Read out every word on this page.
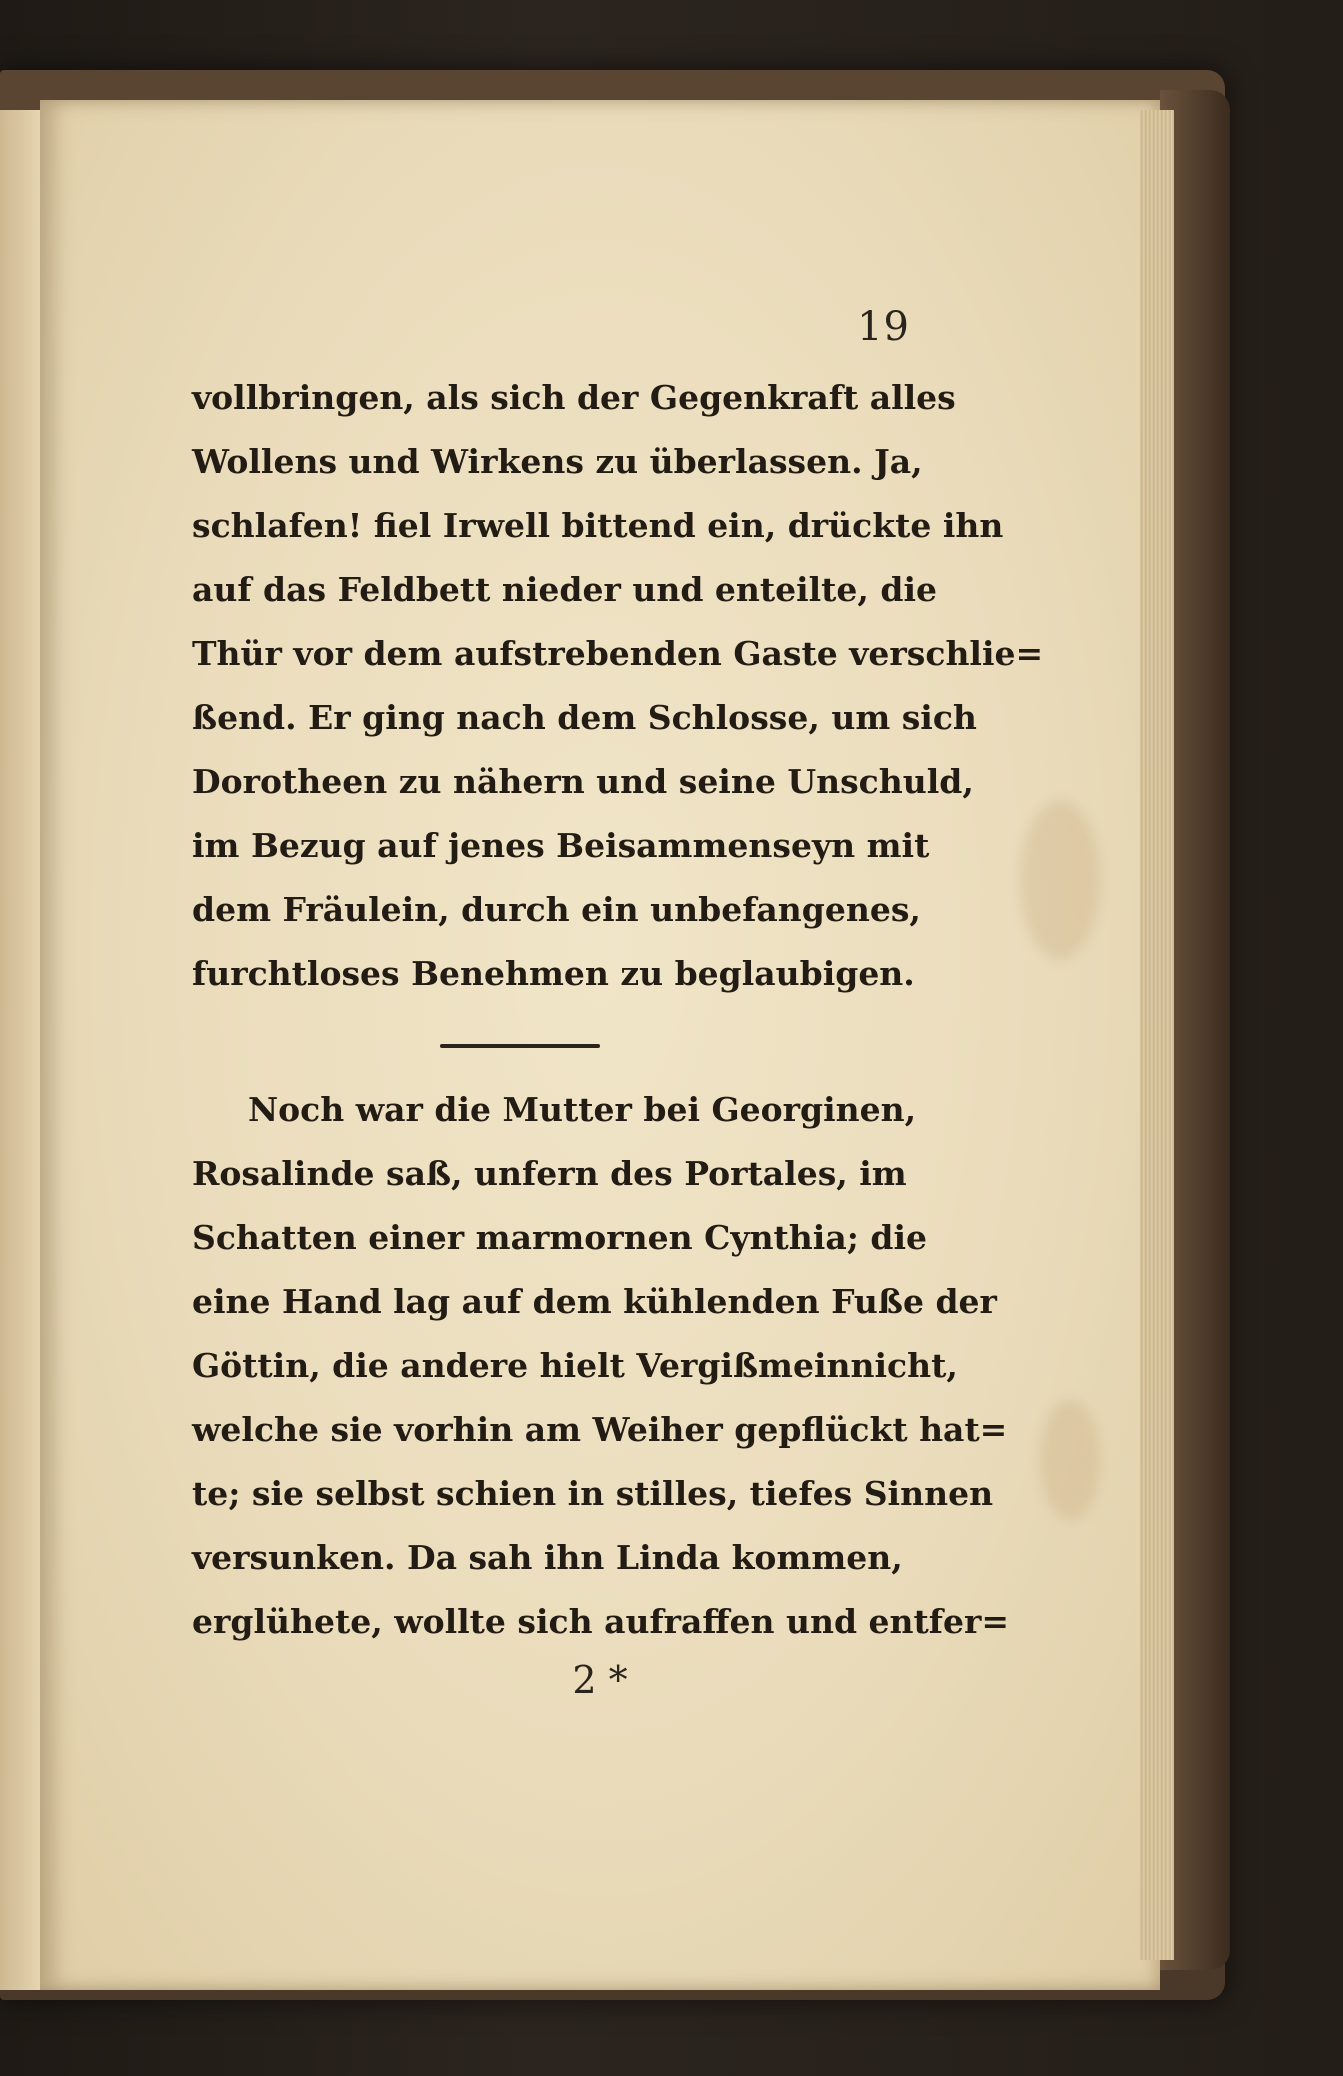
19
vollbringen, als sich der Gegenkraft alles
Wollens und Wirkens zu überlassen. Ja,
schlafen! fiel Irwell bittend ein, drückte ihn
auf das Feldbett nieder und enteilte, die
Thür vor dem aufstrebenden Gaste verschlie=
ßend. Er ging nach dem Schlosse, um sich
Dorotheen zu nähern und seine Unschuld,
im Bezug auf jenes Beisammenseyn mit
dem Fräulein, durch ein unbefangenes,
furchtloses Benehmen zu beglaubigen.
Noch war die Mutter bei Georginen,
Rosalinde saß, unfern des Portales, im
Schatten einer marmornen Cynthia; die
eine Hand lag auf dem kühlenden Fuße der
Göttin, die andere hielt Vergißmeinnicht,
welche sie vorhin am Weiher gepflückt hat=
te; sie selbst schien in stilles, tiefes Sinnen
versunken. Da sah ihn Linda kommen,
erglühete, wollte sich aufraffen und entfer=
2 *
